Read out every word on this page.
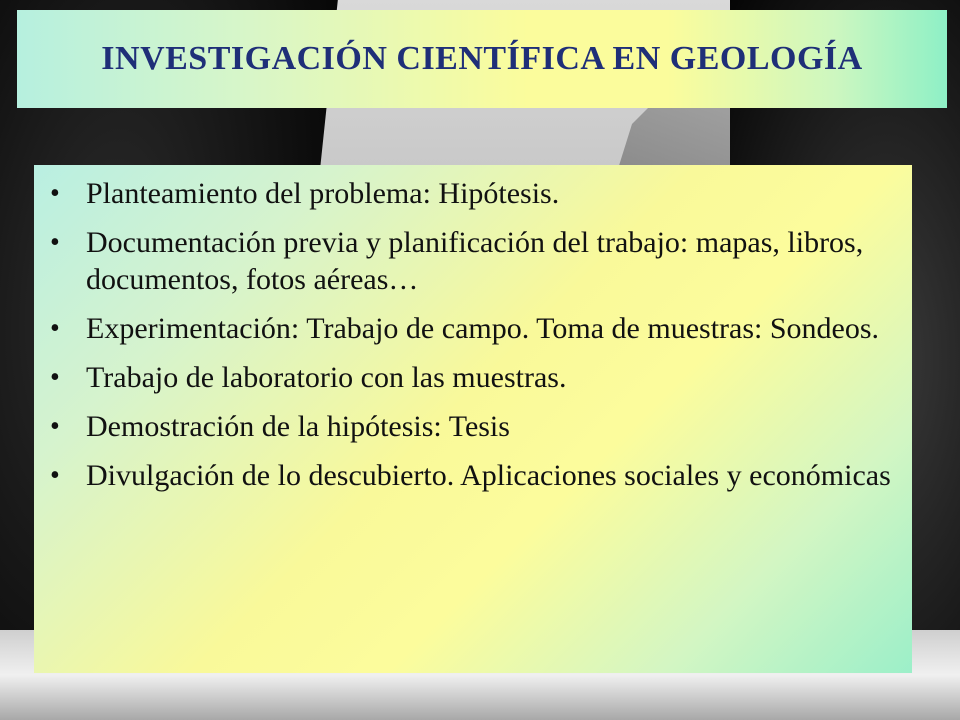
INVESTIGACIÓN CIENTÍFICA EN GEOLOGÍA
• Planteamiento del problema: Hipótesis.
• Documentación previa y planificación del trabajo: mapas, libros, documentos, fotos aéreas…
• Experimentación: Trabajo de campo. Toma de muestras: Sondeos.
• Trabajo de laboratorio con las muestras.
• Demostración de la hipótesis: Tesis
• Divulgación de lo descubierto. Aplicaciones sociales y económicas
